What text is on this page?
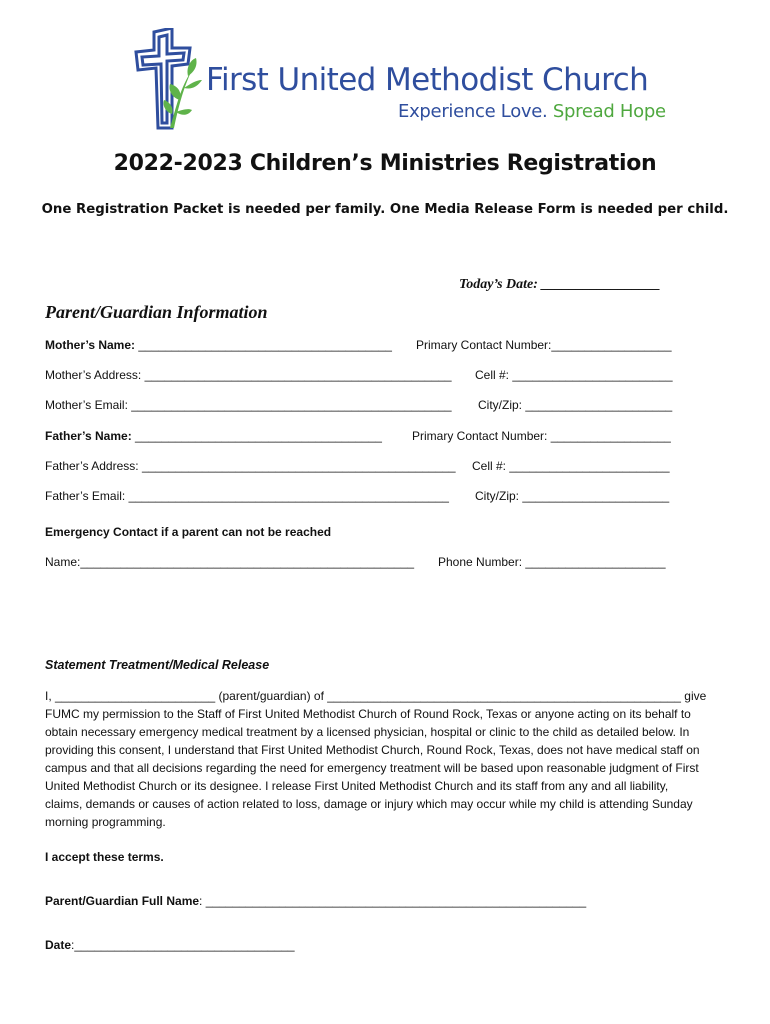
First United Methodist Church
Experience Love. Spread Hope
2022-2023 Children’s Ministries Registration
One Registration Packet is needed per family. One Media Release Form is needed per child.
Today’s Date: _________________
Parent/Guardian Information
Mother’s Name: ______________________________________ Primary Contact Number:__________________
Mother’s Address: ______________________________________________ Cell #: ________________________
Mother’s Email: ________________________________________________ City/Zip: ______________________
Father’s Name: _____________________________________	Primary Contact Number: __________________
Father’s Address: _______________________________________________ Cell #: ________________________
Father’s Email: ________________________________________________ City/Zip: ______________________
Emergency Contact if a parent can not be reached
Name:__________________________________________________ Phone Number: _____________________
Statement Treatment/Medical Release

I, ________________________ (parent/guardian) of _____________________________________________________ give

FUMC my permission to the Staff of First United Methodist Church of Round Rock, Texas or anyone acting on its behalf to

obtain necessary emergency medical treatment by a licensed physician, hospital or clinic to the child as detailed below. In

providing this consent, I understand that First United Methodist Church, Round Rock, Texas, does not have medical staff on

campus and that all decisions regarding the need for emergency treatment will be based upon reasonable judgment of First

United Methodist Church or its designee. I release First United Methodist Church and its staff from any and all liability,

claims, demands or causes of action related to loss, damage or injury which may occur while my child is attending Sunday

morning programming.

I accept these terms.
Parent/Guardian Full Name: _________________________________________________________
Date:_________________________________
